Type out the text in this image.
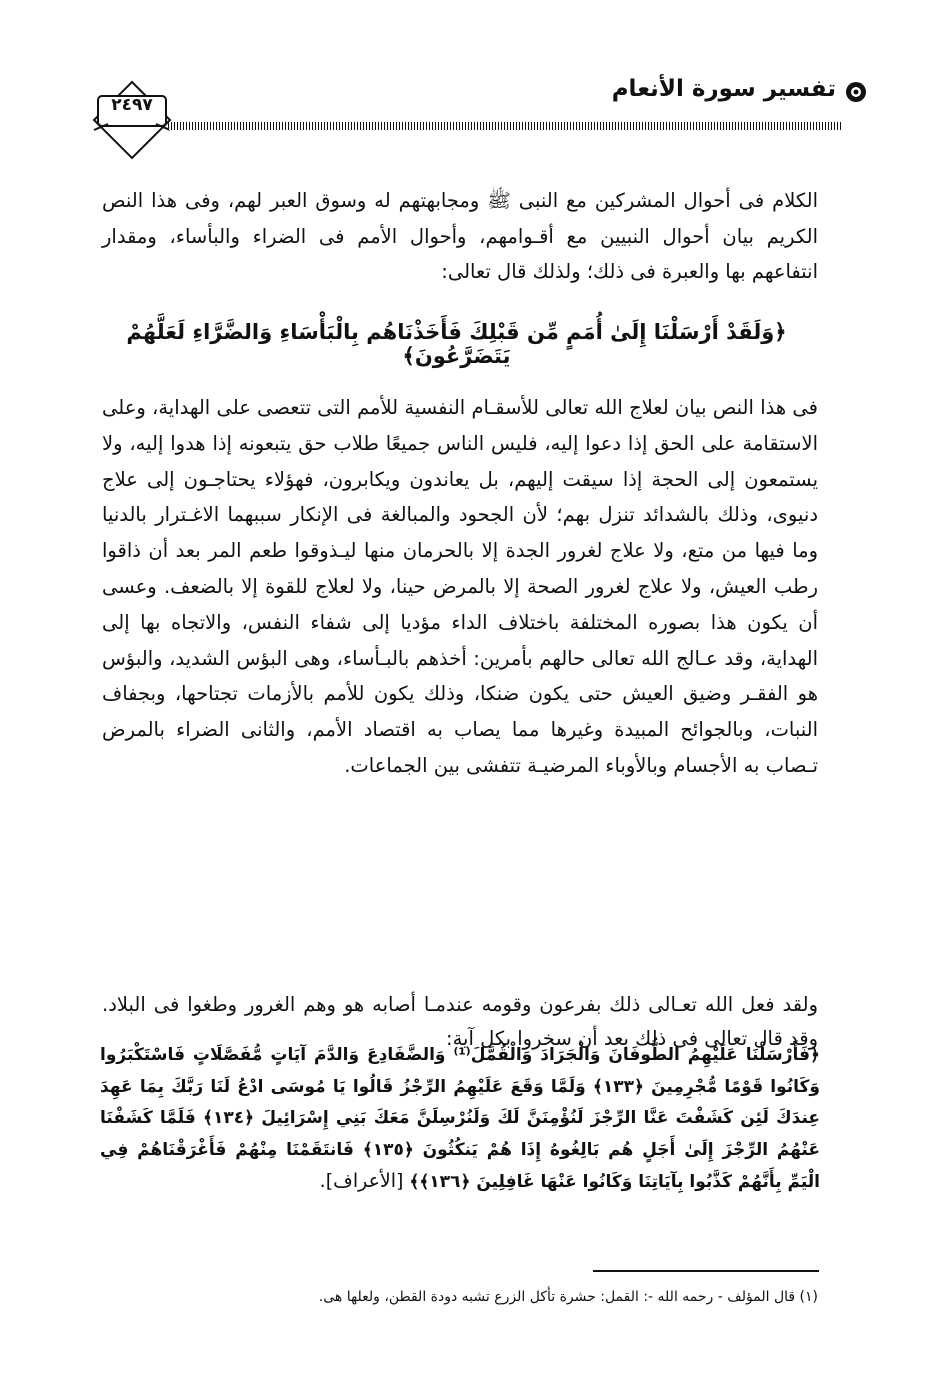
٢٤٩٧
تفسير سورة الأنعام
الكلام فى أحوال المشركين مع النبى ﷺ ومجابهتهم له وسوق العبر لهم، وفى هذا النص الكريم بيان أحوال النبيين مع أقـوامهم، وأحوال الأمم فى الضراء والبأساء، ومقدار انتفاعهم بها والعبرة فى ذلك؛ ولذلك قال تعالى:
﴿وَلَقَدْ أَرْسَلْنَا إِلَىٰ أُمَمٍ مِّن قَبْلِكَ فَأَخَذْنَاهُم بِالْبَأْسَاءِ وَالضَّرَّاءِ لَعَلَّهُمْ يَتَضَرَّعُونَ﴾
فى هذا النص بيان لعلاج الله تعالى للأسقـام النفسية للأمم التى تتعصى على الهداية، وعلى الاستقامة على الحق إذا دعوا إليه، فليس الناس جميعًا طلاب حق يتبعونه إذا هدوا إليه، ولا يستمعون إلى الحجة إذا سيقت إليهم، بل يعاندون ويكابرون، فهؤلاء يحتاجـون إلى علاج دنيوى، وذلك بالشدائد تنزل بهم؛ لأن الجحود والمبالغة فى الإنكار سببهما الاغـترار بالدنيا وما فيها من متع، ولا علاج لغرور الجدة إلا بالحرمان منها ليـذوقوا طعم المر بعد أن ذاقوا رطب العيش، ولا علاج لغرور الصحة إلا بالمرض حينا، ولا لعلاج للقوة إلا بالضعف. وعسى أن يكون هذا بصوره المختلفة باختلاف الداء مؤديا إلى شفاء النفس، والاتجاه بها إلى الهداية، وقد عـالج الله تعالى حالهم بأمرين: أخذهم بالبـأساء، وهى البؤس الشديد، والبؤس هو الفقـر وضيق العيش حتى يكون ضنكا، وذلك يكون للأمم بالأزمات تجتاحها، وبجفاف النبات، وبالجوائح المبيدة وغيرها مما يصاب به اقتصاد الأمم، والثانى الضراء بالمرض تـصاب به الأجسام وبالأوباء المرضيـة تتفشى بين الجماعات.
ولقد فعل الله تعـالى ذلك بفرعون وقومه عندمـا أصابه هو وهم الغرور وطغوا فى البلاد. وقد قال تعالى فى ذلك بعد أن سخروا بكل آية:
﴿فَأَرْسَلْنَا عَلَيْهِمُ الطُّوفَانَ وَالْجَرَادَ وَالْقُمَّلَ⁽¹⁾ وَالضَّفَادِعَ وَالدَّمَ آيَاتٍ مُّفَصَّلَاتٍ فَاسْتَكْبَرُوا وَكَانُوا قَوْمًا مُّجْرِمِينَ ﴿١٣٣﴾ وَلَمَّا وَقَعَ عَلَيْهِمُ الرِّجْزُ قَالُوا يَا مُوسَى ادْعُ لَنَا رَبَّكَ بِمَا عَهِدَ عِندَكَ لَئِن كَشَفْتَ عَنَّا الرِّجْزَ لَنُؤْمِنَنَّ لَكَ وَلَنُرْسِلَنَّ مَعَكَ بَنِي إِسْرَائِيلَ ﴿١٣٤﴾ فَلَمَّا كَشَفْنَا عَنْهُمُ الرِّجْزَ إِلَىٰ أَجَلٍ هُم بَالِغُوهُ إِذَا هُمْ يَنكُثُونَ ﴿١٣٥﴾ فَانتَقَمْنَا مِنْهُمْ فَأَغْرَقْنَاهُمْ فِي الْيَمِّ بِأَنَّهُمْ كَذَّبُوا بِآيَاتِنَا وَكَانُوا عَنْهَا غَافِلِينَ ﴿١٣٦﴾﴾ [الأعراف].
(١) قال المؤلف - رحمه الله -: القمل: حشرة تأكل الزرع تشبه دودة القطن، ولعلها هى.
